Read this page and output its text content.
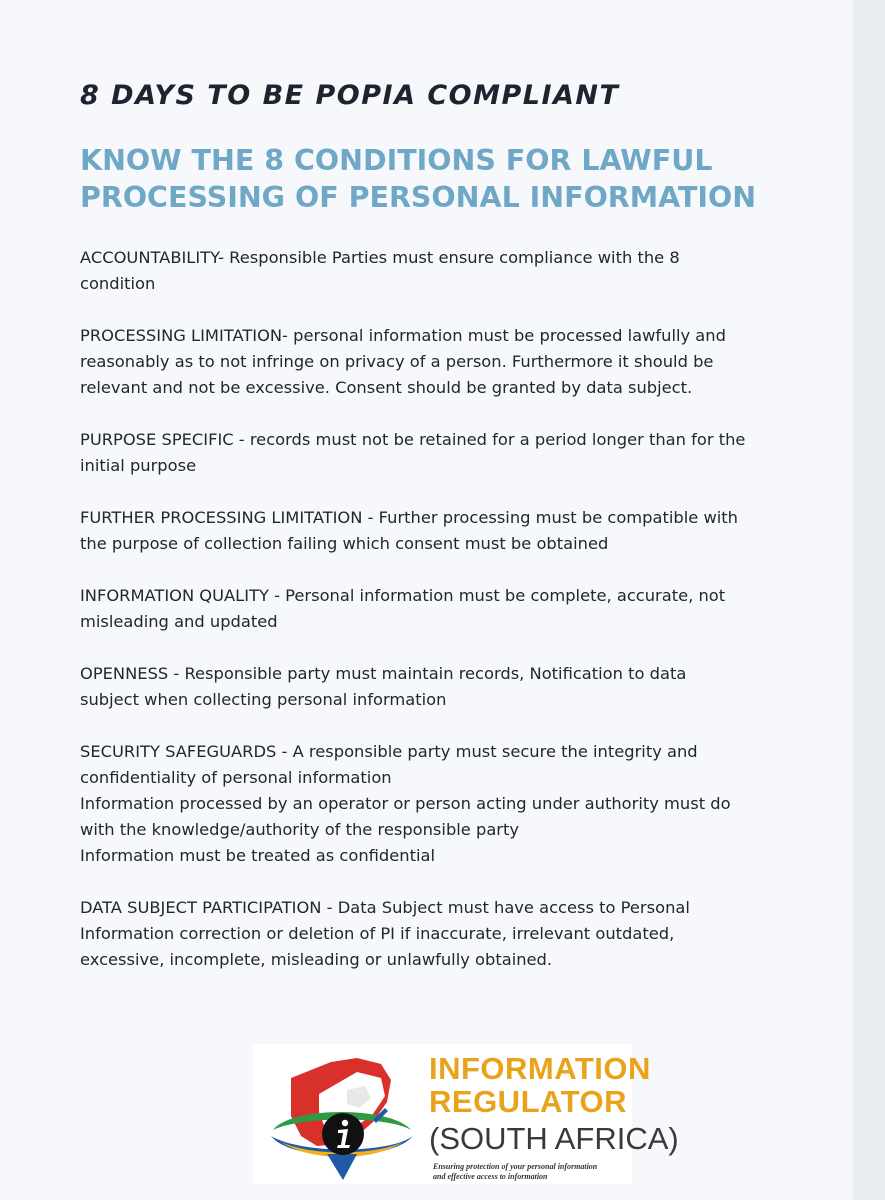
8 DAYS TO BE POPIA COMPLIANT
KNOW THE 8 CONDITIONS FOR LAWFUL
PROCESSING OF PERSONAL INFORMATION

ACCOUNTABILITY- Responsible Parties must ensure compliance with the 8
condition

PROCESSING LIMITATION- personal information must be processed lawfully and
reasonably as to not infringe on privacy of a person. Furthermore it should be
relevant and not be excessive. Consent should be granted by data subject.

PURPOSE SPECIFIC - records must not be retained for a period longer than for the
initial purpose

FURTHER PROCESSING LIMITATION - Further processing must be compatible with
the purpose of collection failing which consent must be obtained

INFORMATION QUALITY - Personal information must be complete, accurate, not
misleading and updated

OPENNESS - Responsible party must maintain records, Notification to data
subject when collecting personal information

SECURITY SAFEGUARDS - A responsible party must secure the integrity and
confidentiality of personal information
Information processed by an operator or person acting under authority must do
with the knowledge/authority of the responsible party
Information must be treated as confidential

DATA SUBJECT PARTICIPATION - Data Subject must have access to Personal
Information correction or deletion of PI if inaccurate, irrelevant outdated,
excessive, incomplete, misleading or unlawfully obtained.

INFORMATION
REGULATOR
(SOUTH AFRICA)
Ensuring protection of your personal information
and effective access to information
